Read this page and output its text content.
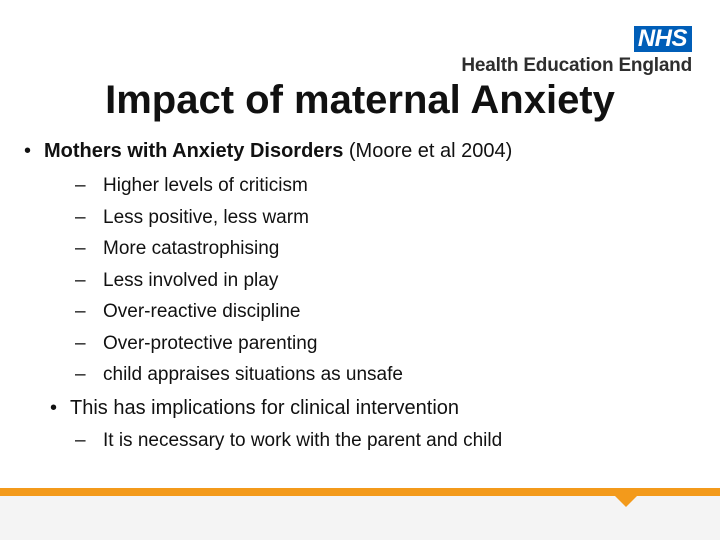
NHS
Health Education England
Impact of maternal Anxiety
• Mothers with Anxiety Disorders (Moore et al 2004)
– Higher levels of criticism
– Less positive, less warm
– More catastrophising
– Less involved in play
– Over-reactive discipline
– Over-protective parenting
– child appraises situations as unsafe
• This has implications for clinical intervention
– It is necessary to work with the parent and child
